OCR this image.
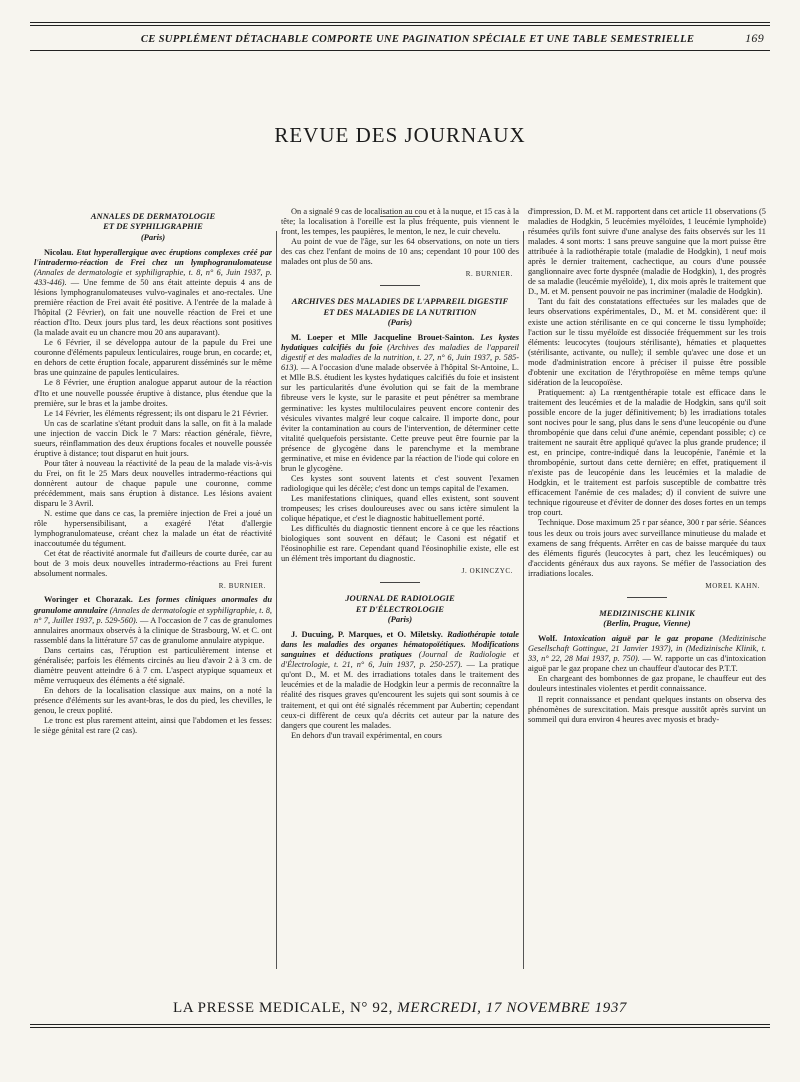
CE SUPPLÉMENT DÉTACHABLE COMPORTE UNE PAGINATION SPÉCIALE ET UNE TABLE SEMESTRIELLE	169
REVUE DES JOURNAUX
ANNALES DE DERMATOLOGIE
ET DE SYPHILIGRAPHIE
(Paris)

Nicolau. Etat hyperallergique avec éruptions complexes créé par l'intradermo-réaction de Frei chez un lymphogranulomateuse (Annales de dermatologie et syphiligraphie, t. 8, n° 6, Juin 1937, p. 433-446). — Une femme de 50 ans était atteinte depuis 4 ans de lésions lymphogranulomateuses vulvo-vaginales et ano-rectales. Une première réaction de Frei avait été positive. A l'entrée de la malade à l'hôpital (2 Février), on fait une nouvelle réaction de Frei et une réaction d'Ito. Deux jours plus tard, les deux réactions sont positives (la malade avait eu un chancre mou 20 ans auparavant).

Le 6 Février, il se développa autour de la papule du Frei une couronne d'éléments papuleux lenticulaires, rouge brun, en cocarde; et, en dehors de cette éruption focale, apparurent disséminés sur le même bras une quinzaine de papules lenticulaires.

Le 8 Février, une éruption analogue apparut autour de la réaction d'Ito et une nouvelle poussée éruptive à distance, plus étendue que la première, sur le bras et la jambe droites.

Le 14 Février, les éléments régressent; ils ont disparu le 21 Février.

Un cas de scarlatine s'étant produit dans la salle, on fit à la malade une injection de vaccin Dick le 7 Mars: réaction générale, fièvre, sueurs, réinflammation des deux éruptions focales et nouvelle poussée éruptive à distance; tout disparut en huit jours.

Pour tâter à nouveau la réactivité de la peau de la malade vis-à-vis du Frei, on fit le 25 Mars deux nouvelles intradermo-réactions qui donnèrent autour de chaque papule une couronne, comme précédemment, mais sans éruption à distance. Les lésions avaient disparu le 3 Avril.

N. estime que dans ce cas, la première injection de Frei a joué un rôle hypersensibilisant, a exagéré l'état d'allergie lymphogranulomateuse, créant chez la malade un état de réactivité inaccoutumée du tégument.

Cet état de réactivité anormale fut d'ailleurs de courte durée, car au bout de 3 mois deux nouvelles intradermo-réactions au Frei furent absolument normales.

R. BURNIER.

Woringer et Chorazak. Les formes cliniques anormales du granulome annulaire (Annales de dermatologie et syphiligraphie, t. 8, n° 7, Juillet 1937, p. 529-560). — A l'occasion de 7 cas de granulomes annulaires anormaux observés à la clinique de Strasbourg, W. et C. ont rassemblé dans la littérature 57 cas de granulome annulaire atypique.

Dans certains cas, l'éruption est particulièrement intense et généralisée; parfois les éléments circinés au lieu d'avoir 2 à 3 cm. de diamètre peuvent atteindre 6 à 7 cm. L'aspect atypique squameux et même verruqueux des éléments a été signalé.

En dehors de la localisation classique aux mains, on a noté la présence d'éléments sur les avant-bras, le dos du pied, les chevilles, le genou, le creux poplité.

Le tronc est plus rarement atteint, ainsi que l'abdomen et les fesses: le siège génital est rare (2 cas).

On a signalé 9 cas de localisation au cou et à la nuque, et 15 cas à la tête; la localisation à l'oreille est la plus fréquente, puis viennent le front, les tempes, les paupières, le menton, le nez, le cuir chevelu.

Au point de vue de l'âge, sur les 64 observations, on note un tiers des cas chez l'enfant de moins de 10 ans; cependant 10 pour 100 des malades ont plus de 50 ans.

R. BURNIER.
ARCHIVES DES MALADIES DE L'APPAREIL DIGESTIF
ET DES MALADIES DE LA NUTRITION
(Paris)

M. Loeper et Mlle Jacqueline Brouet-Sainton. Les kystes hydatiques calcifiés du foie (Archives des maladies de l'appareil digestif et des maladies de la nutrition, t. 27, n° 6, Juin 1937, p. 585-613). — A l'occasion d'une malade observée à l'hôpital St-Antoine, L. et Mlle B.S. étudient les kystes hydatiques calcifiés du foie et insistent sur les particularités d'une évolution qui se fait de la membrane fibreuse vers le kyste, sur le parasite et peut pénétrer sa membrane germinative: les kystes multiloculaires peuvent encore contenir des vésicules vivantes malgré leur coque calcaire. Il importe donc, pour éviter la contamination au cours de l'intervention, de déterminer cette vitalité quelquefois persistante. Cette preuve peut être fournie par la présence de glycogène dans le parenchyme et la membrane germinative, et mise en évidence par la réaction de l'iode qui colore en brun le glycogène.

Ces kystes sont souvent latents et c'est souvent l'examen radiologique qui les décèle; c'est donc un temps capital de l'examen.

Les manifestations cliniques, quand elles existent, sont souvent trompeuses; les crises douloureuses avec ou sans ictère simulent la colique hépatique, et c'est le diagnostic habituellement porté.

Les difficultés du diagnostic tiennent encore à ce que les réactions biologiques sont souvent en défaut; le Casoni est négatif et l'éosinophilie est rare. Cependant quand l'éosinophilie existe, elle est un élément très important du diagnostic.

J. OKINCZYC.
JOURNAL DE RADIOLOGIE
ET D'ÉLECTROLOGIE
(Paris)

J. Ducuing, P. Marques, et O. Miletsky. Radiothérapie totale dans les maladies des organes hématopoïétiques. Modifications sanguines et déductions pratiques (Journal de Radiologie et d'Électrologie, t. 21, n° 6, Juin 1937, p. 250-257). — La pratique qu'ont D., M. et M. des irradiations totales dans le traitement des leucémies et de la maladie de Hodgkin leur a permis de reconnaître la réalité des risques graves qu'encourent les sujets qui sont soumis à ce traitement, et qui ont été signalés récemment par Aubertin; cependant ceux-ci diffèrent de ceux qu'a décrits cet auteur par la nature des dangers que courent les malades.

En dehors d'un travail expérimental, en cours

d'impression, D. M. et M. rapportent dans cet article 11 observations (5 maladies de Hodgkin, 5 leucémies myéloïdes, 1 leucémie lymphoïde) résumées qu'ils font suivre d'une analyse des faits observés sur les 11 malades. 4 sont morts: 1 sans preuve sanguine que la mort puisse être attribuée à la radiothérapie totale (maladie de Hodgkin), 1 neuf mois après le dernier traitement, cachectique, au cours d'une poussée ganglionnaire avec forte dyspnée (maladie de Hodgkin), 1, des progrès de sa maladie (leucémie myéloïde), 1, dix mois après le traitement que D., M. et M. pensent pouvoir ne pas incriminer (maladie de Hodgkin).

Tant du fait des constatations effectuées sur les malades que de leurs observations expérimentales, D., M. et M. considèrent que: il existe une action stérilisante en ce qui concerne le tissu lymphoïde; l'action sur le tissu myéloïde est dissociée fréquemment sur les trois éléments: leucocytes (toujours stérilisante), hématies et plaquettes (stérilisante, activante, ou nulle); il semble qu'avec une dose et un mode d'administration encore à préciser il puisse être possible d'obtenir une excitation de l'érythropoïèse en même temps qu'une sidération de la leucopoïèse.

Pratiquement: a) La rœntgenthérapie totale est efficace dans le traitement des leucémies et de la maladie de Hodgkin, sans qu'il soit possible encore de la juger définitivement; b) les irradiations totales sont nocives pour le sang, plus dans le sens d'une leucopénie ou d'une thrombopénie que dans celui d'une anémie, cependant possible; c) ce traitement ne saurait être appliqué qu'avec la plus grande prudence; il est, en principe, contre-indiqué dans la leucopénie, l'anémie et la thrombopénie, surtout dans cette dernière; en effet, pratiquement il n'existe pas de leucopénie dans les leucémies et la maladie de Hodgkin, et le traitement est parfois susceptible de combattre très efficacement l'anémie de ces malades; d) il convient de suivre une technique rigoureuse et d'éviter de donner des doses fortes en un temps trop court.

Technique. Dose maximum 25 r par séance, 300 r par série. Séances tous les deux ou trois jours avec surveillance minutieuse du malade et examens de sang fréquents. Arrêter en cas de baisse marquée du taux des éléments figurés (leucocytes à part, chez les leucémiques) ou d'accidents généraux dus aux rayons. Se méfier de l'association des irradiations locales.

MOREL KAHN.
MEDIZINISCHE KLINIK
(Berlin, Prague, Vienne)

Wolf. Intoxication aiguë par le gaz propane (Medizinische Gesellschaft Gottingue, 21 Janvier 1937), in (Medizinische Klinik, t. 33, n° 22, 28 Mai 1937, p. 750). — W. rapporte un cas d'intoxication aiguë par le gaz propane chez un chauffeur d'autocar des P.T.T.

En chargeant des bombonnes de gaz propane, le chauffeur eut des douleurs intestinales violentes et perdit connaissance.

Il reprit connaissance et pendant quelques instants on observa des phénomènes de surexcitation. Mais presque aussitôt après survint un sommeil qui dura environ 4 heures avec myosis et brady-

LA PRESSE MEDICALE, N° 92, MERCREDI, 17 NOVEMBRE 1937
